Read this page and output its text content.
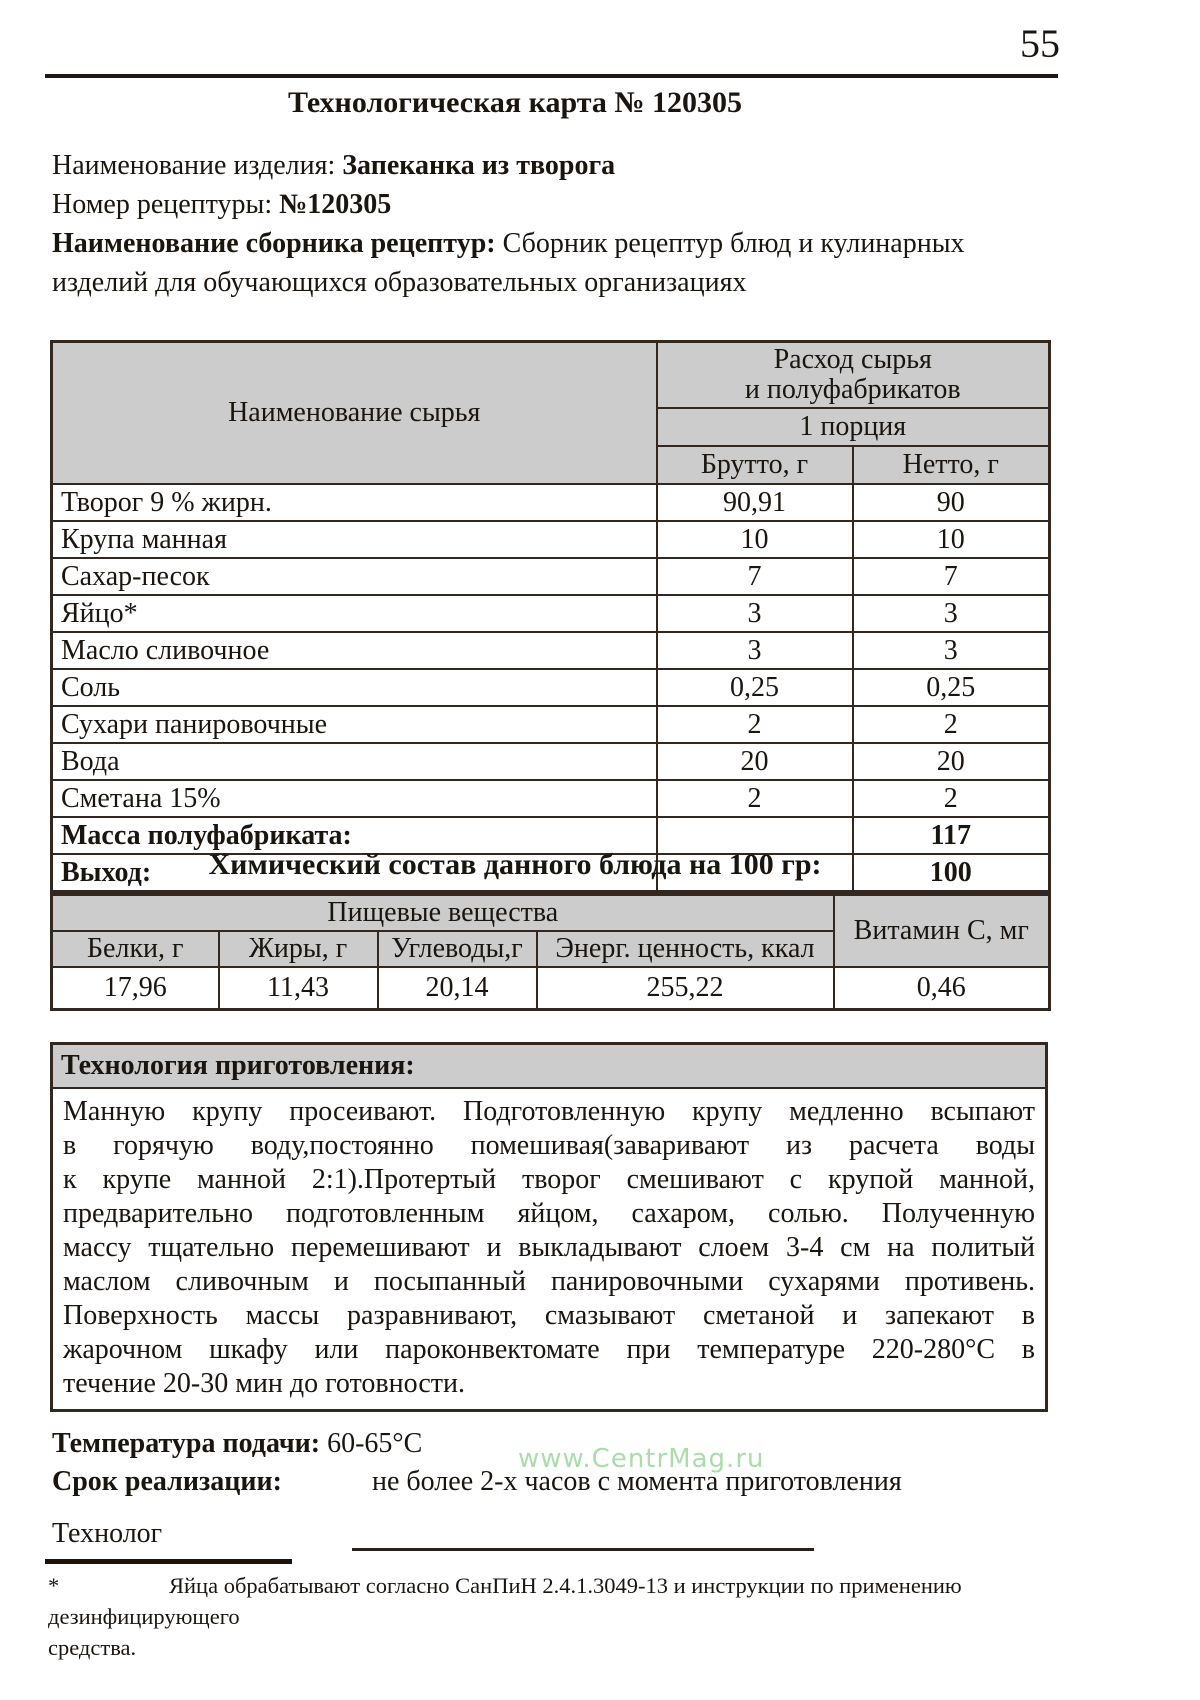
55
Технологическая карта № 120305
Наименование изделия: Запеканка из творога
Номер рецептуры: №120305
Наименование сборника рецептур: Сборник рецептур блюд и кулинарных
изделий для обучающихся образовательных организациях
Наименование сырья	Расход сырья
и полуфабрикатов	

	1 порция	
	Брутто, г	Нетто, г
Творог 9 % жирн.	90,91	90
Крупа манная	10	10
Сахар-песок	7	7
Яйцо*	3	3
Масло сливочное	3	3
Соль	0,25	0,25
Сухари панировочные	2	2
Вода	20	20
Сметана 15%	2	2
Масса полуфабриката:		117
Выход:		100
Химический состав данного блюда на 100 гр:
Пищевые вещества				Витамин С, мг
Белки, г	Жиры, г	Углеводы,г	Энерг. ценность, ккал	
17,96	11,43	20,14	255,22	0,46
Технология приготовления:
Манную крупу просеивают. Подготовленную крупу медленно всыпают
в горячую воду,постоянно помешивая(заваривают из расчета воды
к крупе манной 2:1).Протертый творог смешивают с крупой манной,
предварительно подготовленным яйцом, сахаром, солью. Полученную
массу тщательно перемешивают и выкладывают слоем 3-4 см на политый
маслом сливочным и посыпанный панировочными сухарями противень.
Поверхность массы разравнивают, смазывают сметаной и запекают в
жарочном шкафу или пароконвектомате при температуре 220-280°С в
течение 20-30 мин до готовности.
Температура подачи: 60-65°С	www.CentrMag.ru
Срок реализации:	не более 2-х часов с момента приготовления
Технолог
*	Яйца обрабатывают согласно СанПиН 2.4.1.3049-13 и инструкции по применению дезинфицирующего
средства.
